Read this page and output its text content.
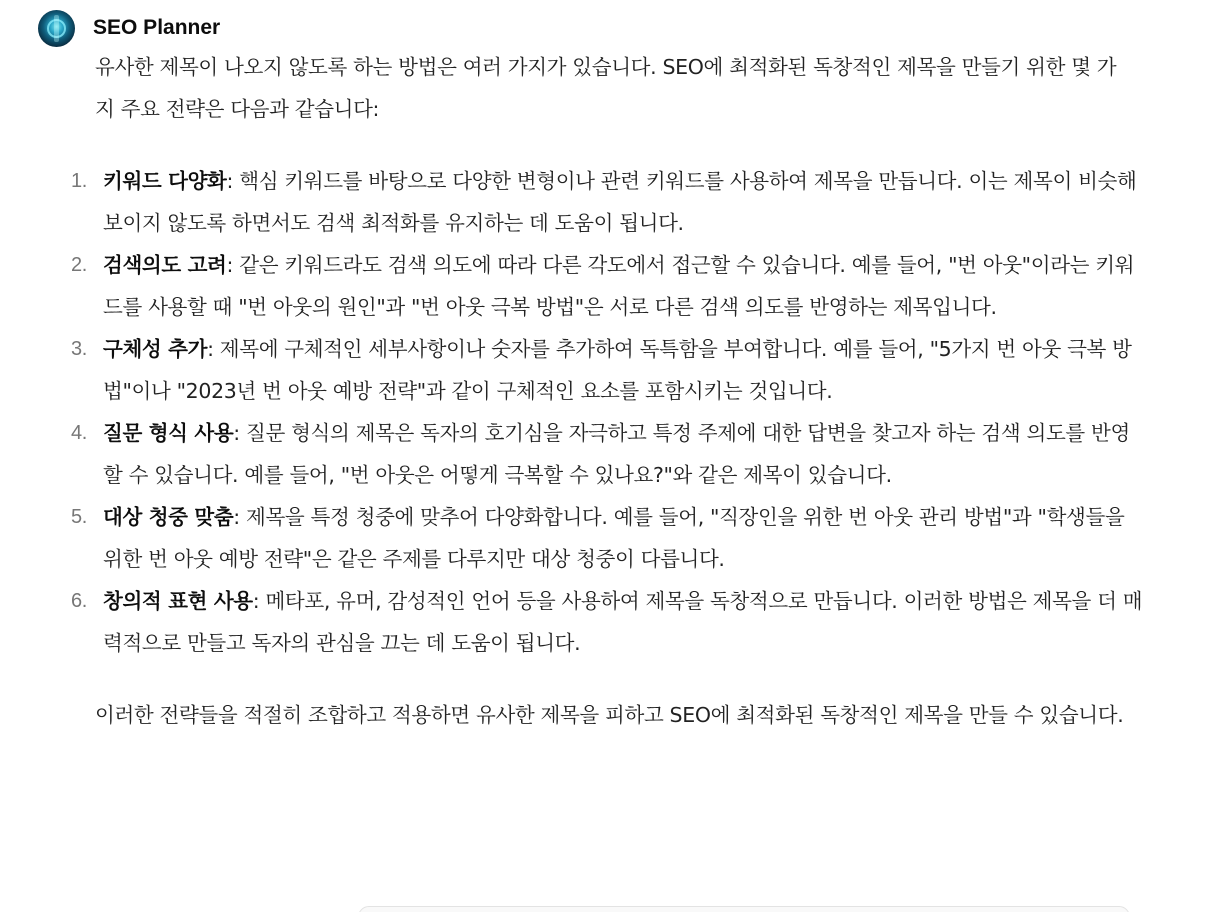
SEO Planner

유사한 제목이 나오지 않도록 하는 방법은 여러 가지가 있습니다. SEO에 최적화된 독창적인 제목을 만들기 위한 몇 가지 주요 전략은 다음과 같습니다:

1. 키워드 다양화: 핵심 키워드를 바탕으로 다양한 변형이나 관련 키워드를 사용하여 제목을 만듭니다. 이는 제목이 비슷해 보이지 않도록 하면서도 검색 최적화를 유지하는 데 도움이 됩니다.
2. 검색의도 고려: 같은 키워드라도 검색 의도에 따라 다른 각도에서 접근할 수 있습니다. 예를 들어, "번 아웃"이라는 키워드를 사용할 때 "번 아웃의 원인"과 "번 아웃 극복 방법"은 서로 다른 검색 의도를 반영하는 제목입니다.
3. 구체성 추가: 제목에 구체적인 세부사항이나 숫자를 추가하여 독특함을 부여합니다. 예를 들어, "5가지 번 아웃 극복 방법"이나 "2023년 번 아웃 예방 전략"과 같이 구체적인 요소를 포함시키는 것입니다.
4. 질문 형식 사용: 질문 형식의 제목은 독자의 호기심을 자극하고 특정 주제에 대한 답변을 찾고자 하는 검색 의도를 반영할 수 있습니다. 예를 들어, "번 아웃은 어떻게 극복할 수 있나요?"와 같은 제목이 있습니다.
5. 대상 청중 맞춤: 제목을 특정 청중에 맞추어 다양화합니다. 예를 들어, "직장인을 위한 번 아웃 관리 방법"과 "학생들을 위한 번 아웃 예방 전략"은 같은 주제를 다루지만 대상 청중이 다릅니다.
6. 창의적 표현 사용: 메타포, 유머, 감성적인 언어 등을 사용하여 제목을 독창적으로 만듭니다. 이러한 방법은 제목을 더 매력적으로 만들고 독자의 관심을 끄는 데 도움이 됩니다.

이러한 전략들을 적절히 조합하고 적용하면 유사한 제목을 피하고 SEO에 최적화된 독창적인 제목을 만들 수 있습니다.
